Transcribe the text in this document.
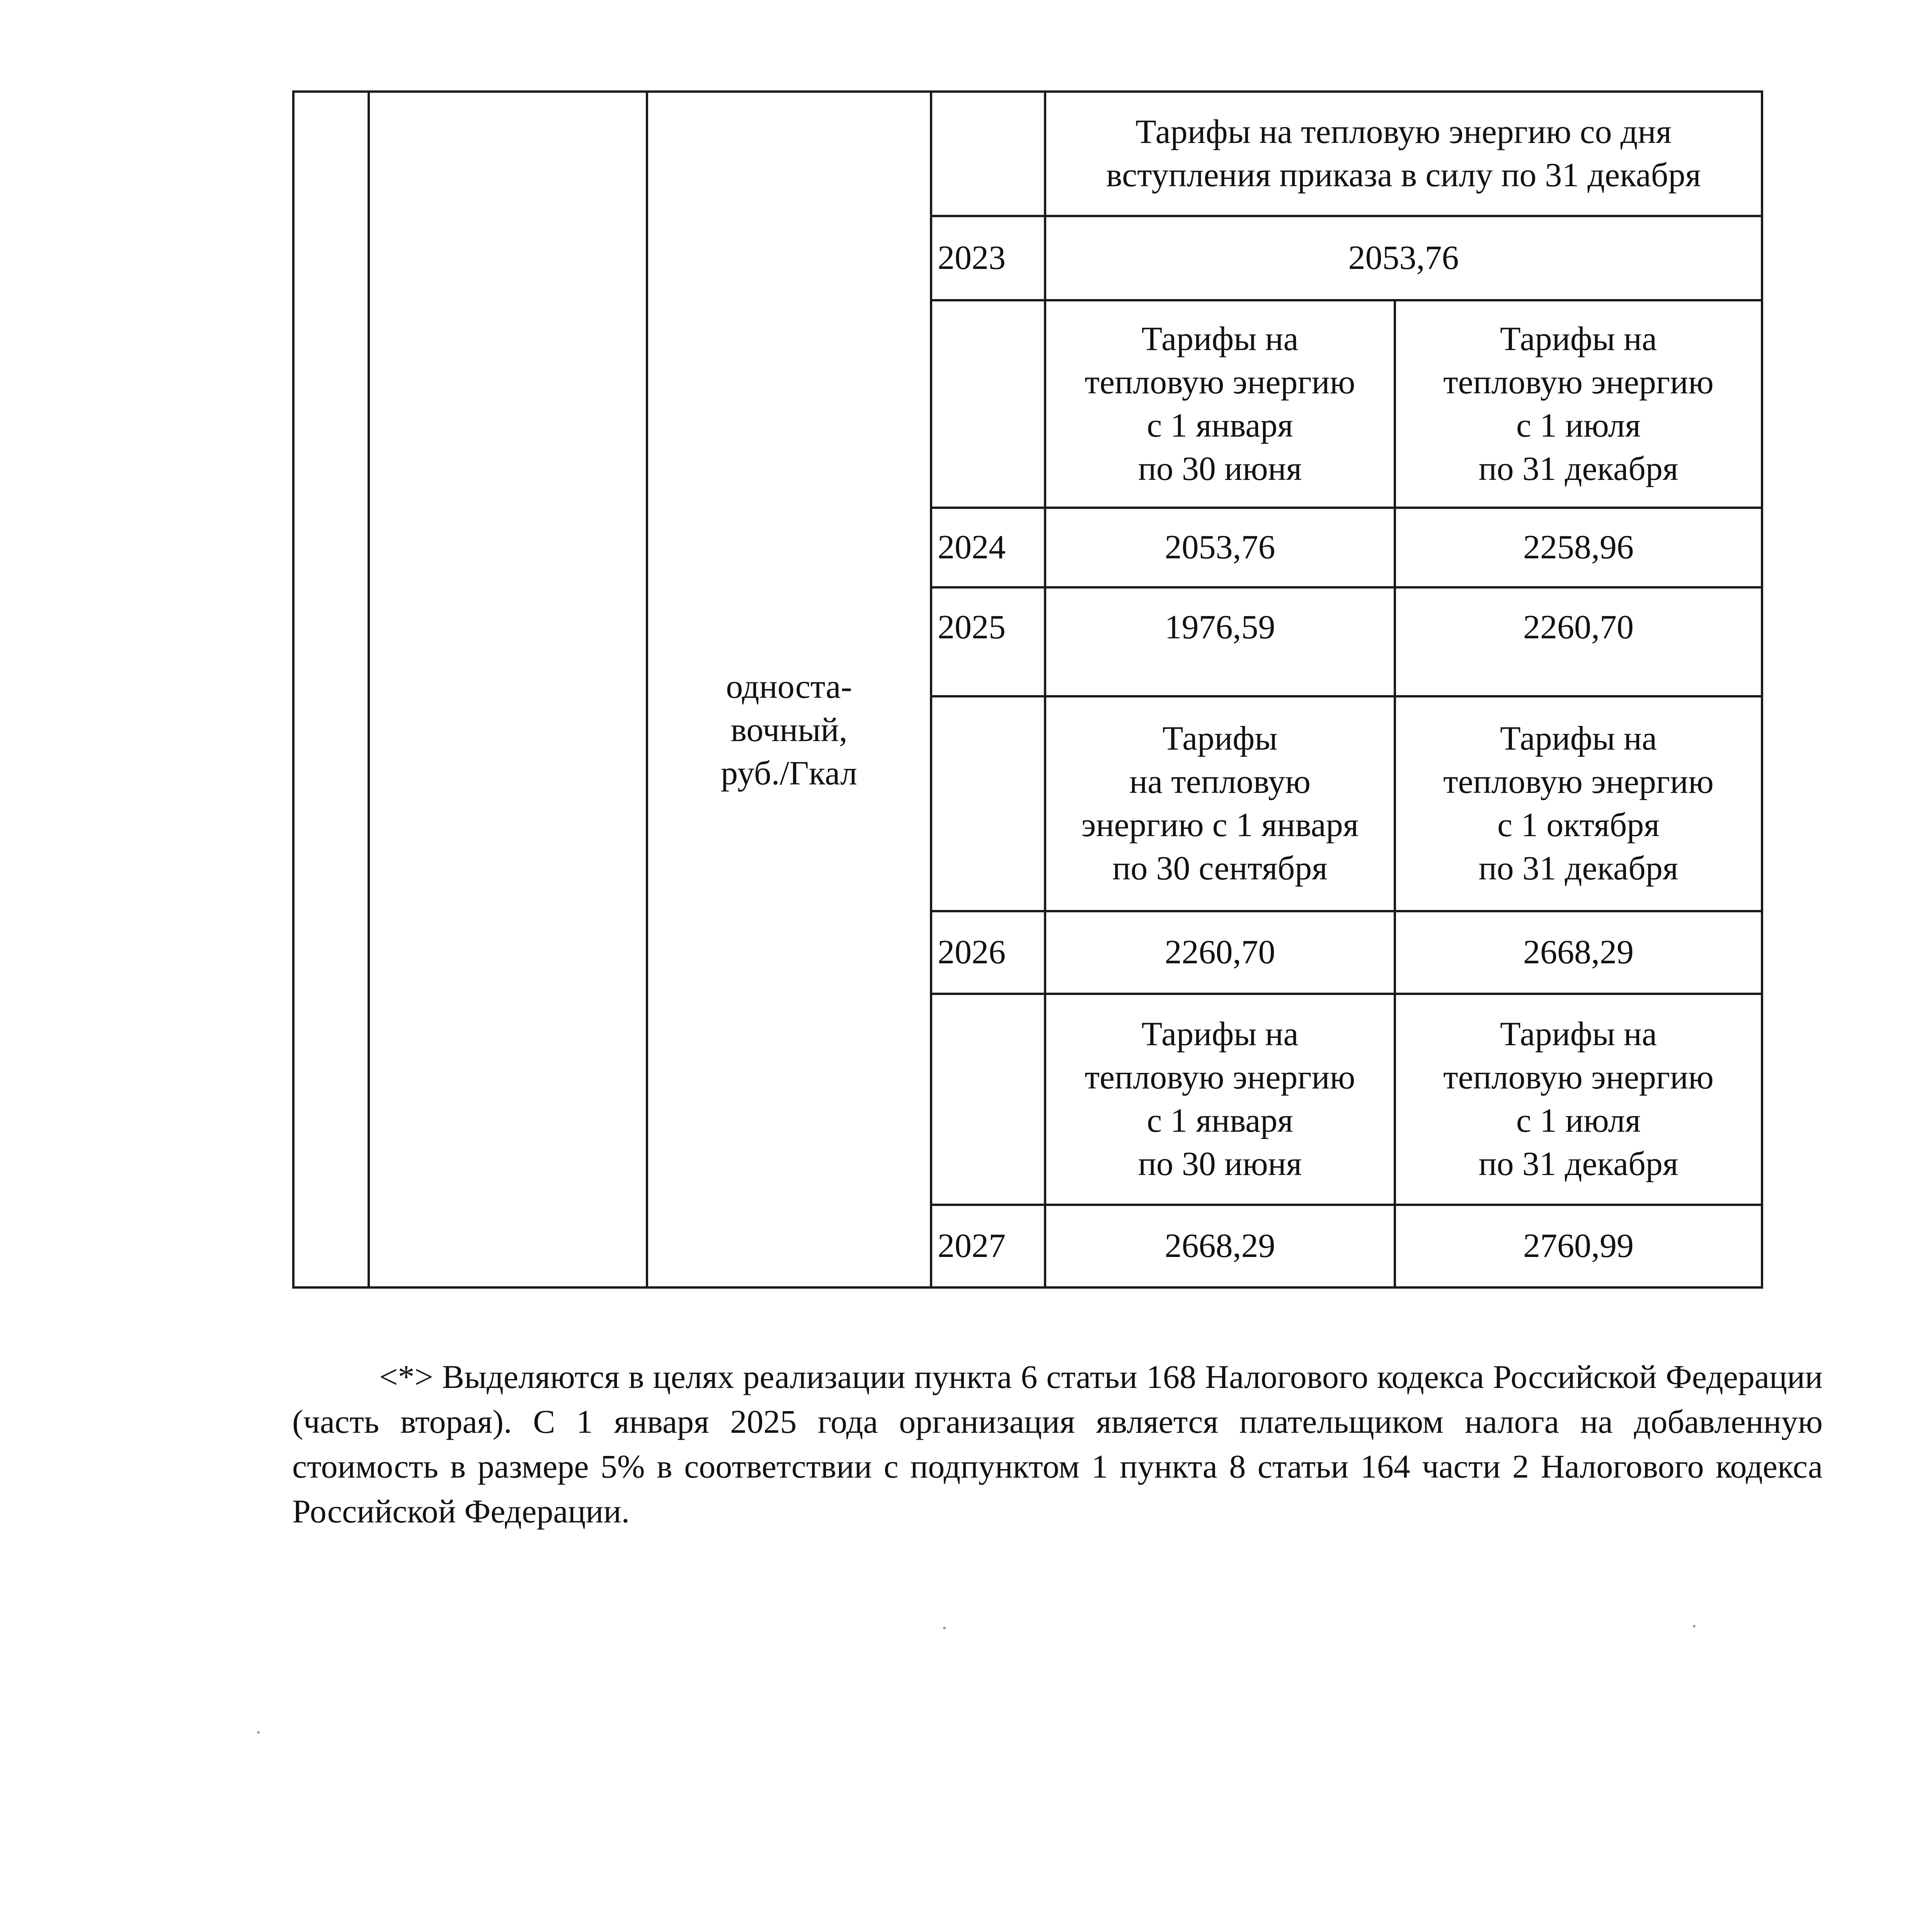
		односта-
вочный,
руб./Гкал		Тарифы на тепловую энергию со дня вступления приказа в силу по 31 декабря	
			2023	2053,76	
				Тарифы на
тепловую энергию
с 1 января
по 30 июня	Тарифы на
тепловую энергию
с 1 июля
по 31 декабря
			2024	2053,76	2258,96
			2025	1976,59	2260,70
				Тарифы
на тепловую
энергию с 1 января
по 30 сентября	Тарифы на
тепловую энергию
с 1 октября
по 31 декабря
			2026	2260,70	2668,29
				Тарифы на
тепловую энергию
с 1 января
по 30 июня	Тарифы на
тепловую энергию
с 1 июля
по 31 декабря
			2027	2668,29	2760,99

<*> Выделяются в целях реализации пункта 6 статьи 168 Налогового кодекса Российской Федерации (часть вторая). С 1 января 2025 года организация является плательщиком налога на добавленную стоимость в размере 5% в соответствии с подпунктом 1 пункта 8 статьи 164 части 2 Налогового кодекса Российской Федерации.
